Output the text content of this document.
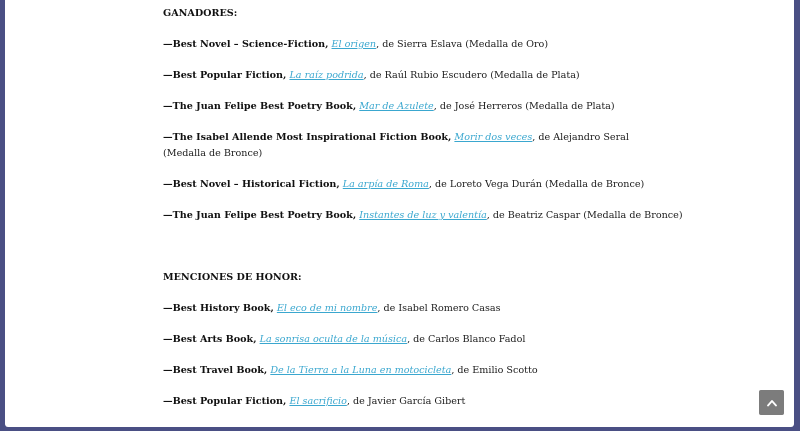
GANADORES:
—Best Novel – Science-Fiction, El origen, de Sierra Eslava (Medalla de Oro)
—Best Popular Fiction, La raíz podrida, de Raúl Rubio Escudero (Medalla de Plata)
—The Juan Felipe Best Poetry Book, Mar de Azulete, de José Herreros (Medalla de Plata)
—The Isabel Allende Most Inspirational Fiction Book, Morir dos veces, de Alejandro Seral (Medalla de Bronce)
—Best Novel – Historical Fiction, La arpía de Roma, de Loreto Vega Durán (Medalla de Bronce)
—The Juan Felipe Best Poetry Book, Instantes de luz y valentía, de Beatriz Caspar (Medalla de Bronce)
MENCIONES DE HONOR:
—Best History Book, El eco de mi nombre, de Isabel Romero Casas
—Best Arts Book, La sonrisa oculta de la música, de Carlos Blanco Fadol
—Best Travel Book, De la Tierra a la Luna en motocicleta, de Emilio Scotto
—Best Popular Fiction, El sacrificio, de Javier García Gibert
